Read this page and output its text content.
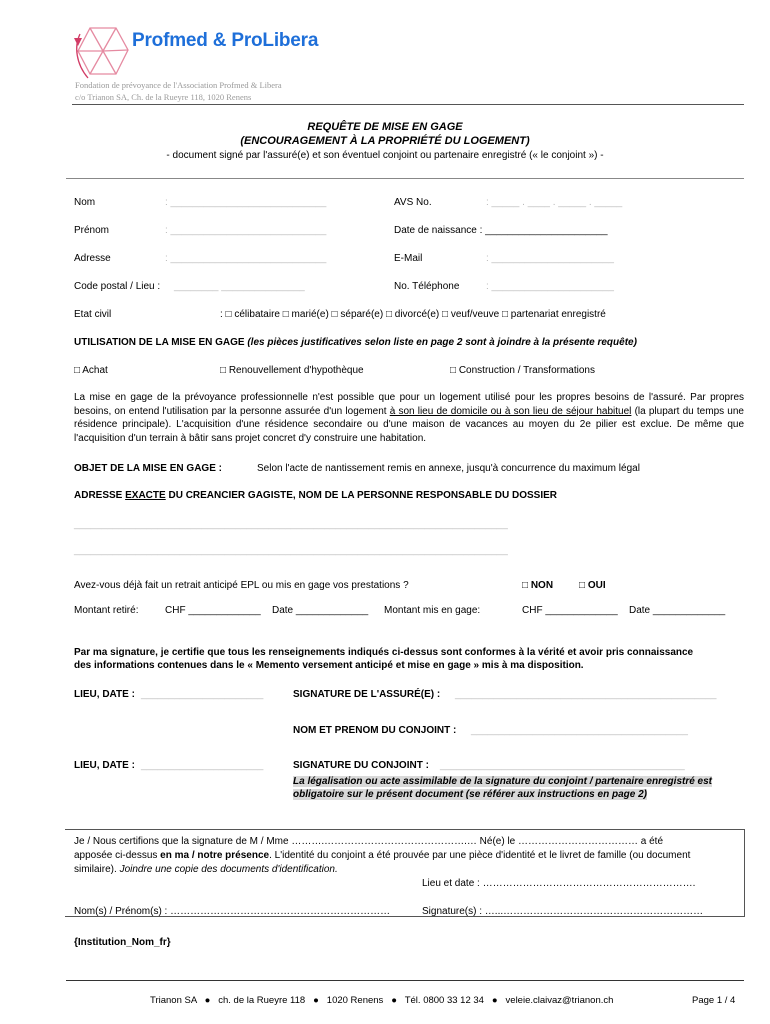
Profmed & ProLibera
Fondation de prévoyance de l'Association Profmed & Libera
c/o Trianon SA, Ch. de la Rueyre 118, 1020 Renens
REQUÊTE DE MISE EN GAGE
(ENCOURAGEMENT À LA PROPRIÉTÉ DU LOGEMENT)
- document signé par l'assuré(e) et son éventuel conjoint ou partenaire enregistré (« le conjoint ») -
Nom	: ____________________________	AVS No.	: _____ . ____ . _____ . _____
Prénom	: ____________________________	Date de naissance : ______________________
Adresse	: ____________________________	E-Mail	: ______________________
Code postal / Lieu : ________ _______________	No. Téléphone	: ______________________
Etat civil	: □ célibataire □ marié(e) □ séparé(e) □ divorcé(e) □ veuf/veuve □ partenariat enregistré
UTILISATION DE LA MISE EN GAGE (les pièces justificatives selon liste en page 2 sont à joindre à la présente requête)
□ Achat	□ Renouvellement d'hypothèque	□ Construction / Transformations
La mise en gage de la prévoyance professionnelle n'est possible que pour un logement utilisé pour les propres besoins de l'assuré. Par propres besoins, on entend l'utilisation par la personne assurée d'un logement à son lieu de domicile ou à son lieu de séjour habituel (la plupart du temps une résidence principale). L'acquisition d'une résidence secondaire ou d'une maison de vacances au moyen du 2e pilier est exclue. De même que l'acquisition d'un terrain à bâtir sans projet concret d'y construire une habitation.
OBJET DE LA MISE EN GAGE :	Selon l'acte de nantissement remis en annexe, jusqu'à concurrence du maximum légal
ADRESSE EXACTE DU CREANCIER GAGISTE, NOM DE LA PERSONNE RESPONSABLE DU DOSSIER
______________________________________________________________________________
______________________________________________________________________________
Avez-vous déjà fait un retrait anticipé EPL ou mis en gage vos prestations ?	□ NON	□ OUI
Montant retiré:	CHF _____________ Date _____________ Montant mis en gage:	CHF _____________ Date _____________
Par ma signature, je certifie que tous les renseignements indiqués ci-dessus sont conformes à la vérité et avoir pris connaissance
des informations contenues dans le « Memento versement anticipé et mise en gage » mis à ma disposition.
LIEU, DATE : ______________________	SIGNATURE DE L'ASSURÉ(E) : _______________________________________________
NOM ET PRENOM DU CONJOINT : _______________________________________
LIEU, DATE : ______________________	SIGNATURE DU CONJOINT : ____________________________________________
La légalisation ou acte assimilable de la signature du conjoint / partenaire enregistré est
obligatoire sur le présent document (se référer aux instructions en page 2)
Je / Nous certifions que la signature de M / Mme ……….…………………………………….… Né(e) le ……………………………… a été
apposée ci-dessus en ma / notre présence. L'identité du conjoint a été prouvée par une pièce d'identité et le livret de famille (ou document
similaire). Joindre une copie des documents d'identification.
Lieu et date : ……………………………………………………….
Nom(s) / Prénom(s) : …………………………………………………………	Signature(s) : …...……………………………………………………
{Institution_Nom_fr}
Trianon SA   ●   ch. de la Rueyre 118   ●   1020 Renens   ●   Tél. 0800 33 12 34   ●   veleie.claivaz@trianon.ch	Page 1 / 4
